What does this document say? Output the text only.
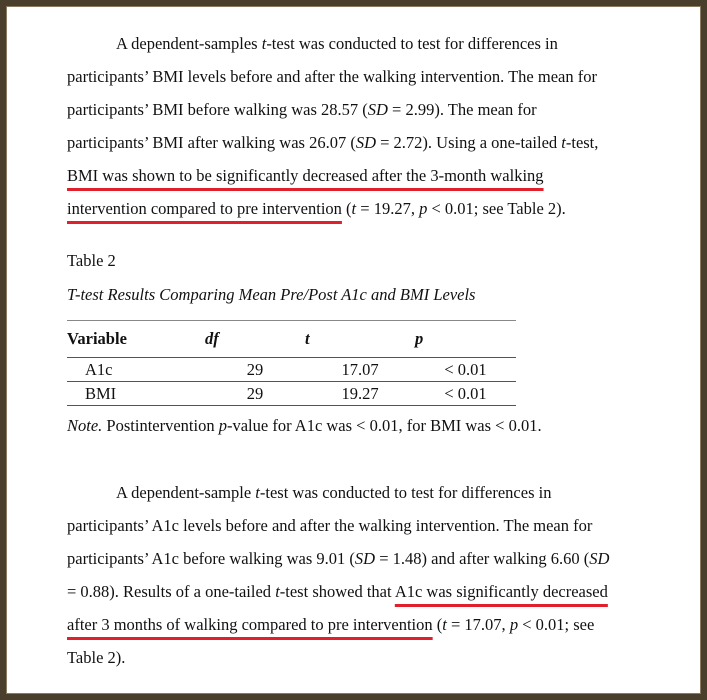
A dependent-samples t-test was conducted to test for differences in
participants’ BMI levels before and after the walking intervention. The mean for
participants’ BMI before walking was 28.57 (SD = 2.99). The mean for
participants’ BMI after walking was 26.07 (SD = 2.72). Using a one-tailed t-test,
BMI was shown to be significantly decreased after the 3-month walking
intervention compared to pre intervention (t = 19.27, p < 0.01; see Table 2).
Table 2
T-test Results Comparing Mean Pre/Post A1c and BMI Levels
Variable	df	t	p
A1c	29	17.07	< 0.01
BMI	29	19.27	< 0.01
Note. Postintervention p-value for A1c was < 0.01, for BMI was < 0.01.
A dependent-sample t-test was conducted to test for differences in
participants’ A1c levels before and after the walking intervention. The mean for
participants’ A1c before walking was 9.01 (SD = 1.48) and after walking 6.60 (SD
= 0.88). Results of a one-tailed t-test showed that A1c was significantly decreased
after 3 months of walking compared to pre intervention (t = 17.07, p < 0.01; see
Table 2).
